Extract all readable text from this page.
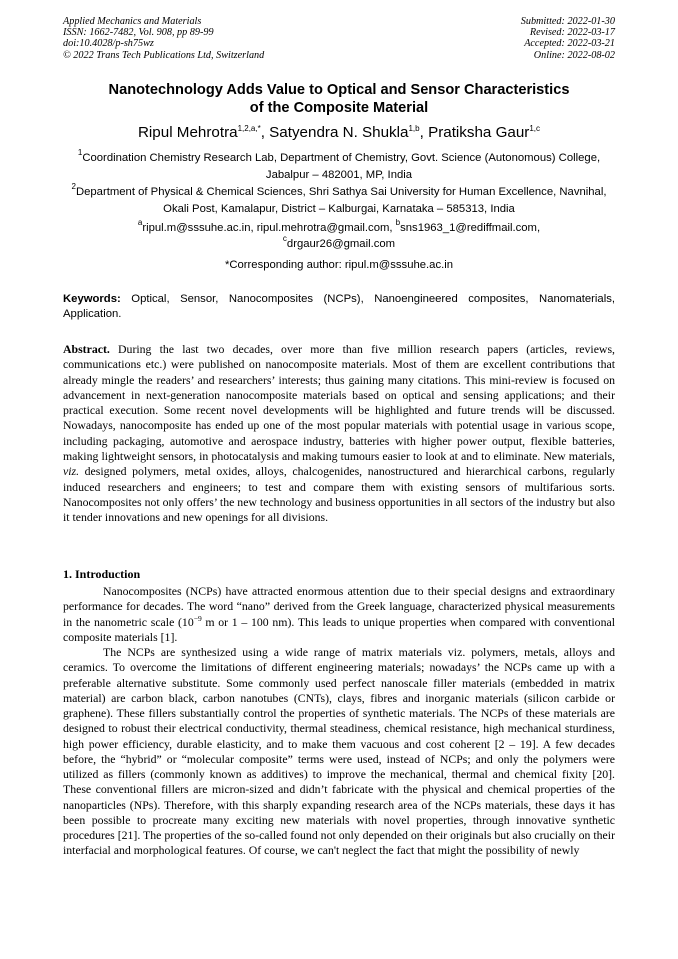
Applied Mechanics and Materials
ISSN: 1662-7482, Vol. 908, pp 89-99
doi:10.4028/p-sh75wz
© 2022 Trans Tech Publications Ltd, Switzerland
Submitted: 2022-01-30
Revised: 2022-03-17
Accepted: 2022-03-21
Online: 2022-08-02
Nanotechnology Adds Value to Optical and Sensor Characteristics
of the Composite Material
Ripul Mehrotra$^{1,2,a,*}$, Satyendra N. Shukla$^{1,b}$, Pratiksha Gaur$^{1,c}$
$^1$Coordination Chemistry Research Lab, Department of Chemistry, Govt. Science (Autonomous) College, Jabalpur – 482001, MP, India
$^2$Department of Physical & Chemical Sciences, Shri Sathya Sai University for Human Excellence, Navnihal, Okali Post, Kamalapur, District – Kalburgai, Karnataka – 585313, India
$^a$ripul.m@sssuhe.ac.in, ripul.mehrotra@gmail.com, $^b$sns1963_1@rediffmail.com,
$^c$drgaur26@gmail.com
*Corresponding author: ripul.m@sssuhe.ac.in
Keywords: Optical, Sensor, Nanocomposites (NCPs), Nanoengineered composites, Nanomaterials, Application.
Abstract. During the last two decades, over more than five million research papers (articles, reviews, communications etc.) were published on nanocomposite materials. Most of them are excellent contributions that already mingle the readers’ and researchers’ interests; thus gaining many citations. This mini-review is focused on advancement in next-generation nanocomposite materials based on optical and sensing applications; and their practical execution. Some recent novel developments will be highlighted and future trends will be discussed. Nowadays, nanocomposite has ended up one of the most popular materials with potential usage in various scope, including packaging, automotive and aerospace industry, batteries with higher power output, flexible batteries, making lightweight sensors, in photocatalysis and making tumours easier to look at and to eliminate. New materials, viz. designed polymers, metal oxides, alloys, chalcogenides, nanostructured and hierarchical carbons, regularly induced researchers and engineers; to test and compare them with existing sensors of multifarious sorts. Nanocomposites not only offers’ the new technology and business opportunities in all sectors of the industry but also it tender innovations and new openings for all divisions.
1. Introduction

Nanocomposites (NCPs) have attracted enormous attention due to their special designs and extraordinary performance for decades. The word “nano” derived from the Greek language, characterized physical measurements in the nanometric scale ($10^{-9}$ m or 1 – 100 nm). This leads to unique properties when compared with conventional composite materials [1].

The NCPs are synthesized using a wide range of matrix materials viz. polymers, metals, alloys and ceramics. To overcome the limitations of different engineering materials; nowadays’ the NCPs came up with a preferable alternative substitute. Some commonly used perfect nanoscale filler materials (embedded in matrix material) are carbon black, carbon nanotubes (CNTs), clays, fibres and inorganic materials (silicon carbide or graphene). These fillers substantially control the properties of synthetic materials. The NCPs of these materials are designed to robust their electrical conductivity, thermal steadiness, chemical resistance, high mechanical sturdiness, high power efficiency, durable elasticity, and to make them vacuous and cost coherent [2 – 19]. A few decades before, the “hybrid” or “molecular composite” terms were used, instead of NCPs; and only the polymers were utilized as fillers (commonly known as additives) to improve the mechanical, thermal and chemical fixity [20]. These conventional fillers are micron-sized and didn’t fabricate with the physical and chemical properties of the nanoparticles (NPs). Therefore, with this sharply expanding research area of the NCPs materials, these days it has been possible to procreate many exciting new materials with novel properties, through innovative synthetic procedures [21]. The properties of the so-called found not only depended on their originals but also crucially on their interfacial and morphological features. Of course, we can't neglect the fact that might the possibility of newly
